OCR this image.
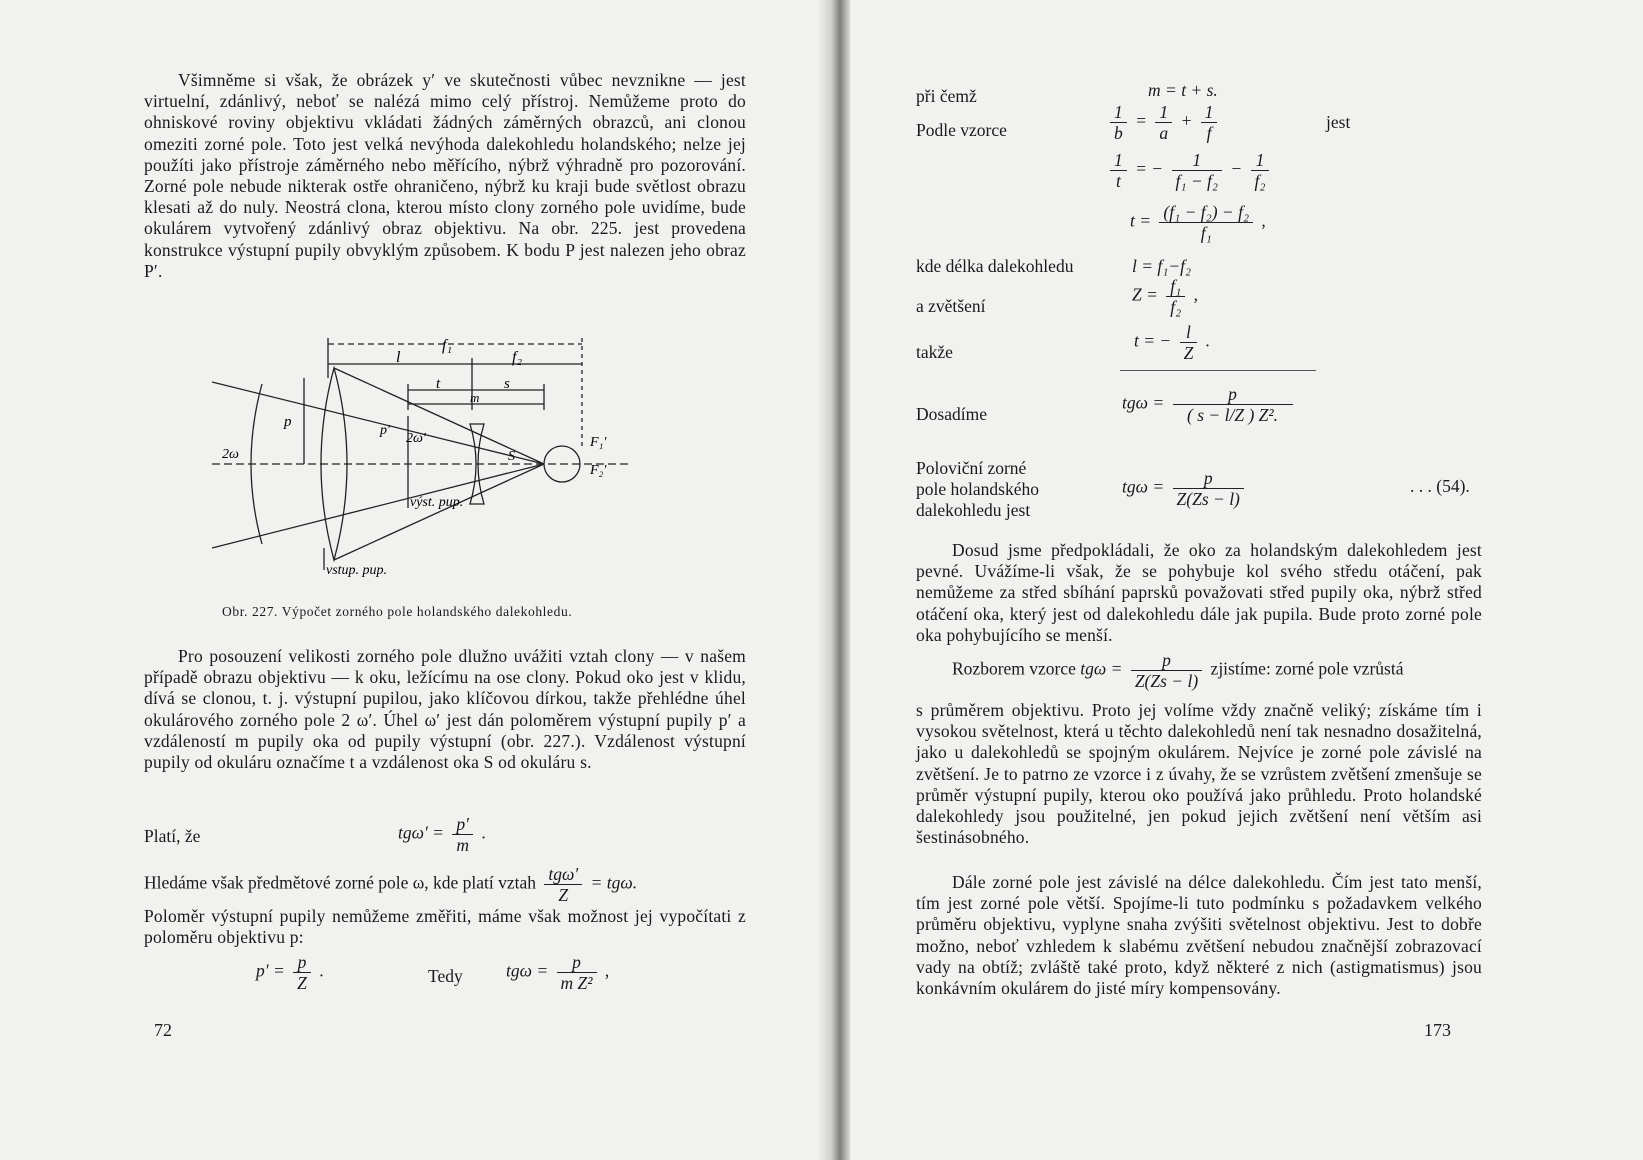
Všimněme si však, že obrázek y′ ve skutečnosti vůbec nevznikne — jest virtuelní, zdánlivý, neboť se nalézá mimo celý přístroj. Nemůžeme proto do ohniskové roviny objektivu vkládati žádných záměrných obrazců, ani clonou omeziti zorné pole. Toto jest velká nevýhoda dalekohledu holandského; nelze jej použíti jako přístroje záměrného nebo měřícího, nýbrž výhradně pro pozorování. Zorné pole nebude nikterak ostře ohraničeno, nýbrž ku kraji bude světlost obrazu klesati až do nuly. Neostrá clona, kterou místo clony zorného pole uvidíme, bude okulárem vytvořený zdánlivý obraz objektivu. Na obr. 225. jest provedena konstrukce výstupní pupily obvyklým způsobem. K bodu P jest nalezen jeho obraz P′.

f₁
l	f₂
t	s
m
p
p′
2ω
2ω′
S
F₁′
F₂′
výst. pup.
vstup. pup.
Obr. 227. Výpočet zorného pole holandského dalekohledu.

Pro posouzení velikosti zorného pole dlužno uvážiti vztah clony — v našem případě obrazu objektivu — k oku, ležícímu na ose clony. Pokud oko jest v klidu, dívá se clonou, t. j. výstupní pupilou, jako klíčovou dírkou, takže přehlédne úhel okulárového zorného pole 2 ω′. Úhel ω′ jest dán poloměrem výstupní pupily p′ a vzdáleností m pupily oka od pupily výstupní (obr. 227.). Vzdálenost výstupní pupily od okuláru označíme t a vzdálenost oka S od okuláru s.

Platí, že	$tg\omega' = \frac{p'}{m}$ .
Hledáme však předmětové zorné pole ω, kde platí vztah $\frac{\text{tgω′}}{Z} = tg\omega$.

Poloměr výstupní pupily nemůžeme změřiti, máme však možnost jej vypočítati z poloměru objektivu p:

$p' = \frac{p}{Z}$ .	Tedy $tg\omega = \frac{p}{\text{m Z²}}$ ,
72
při čemž	m = t + s.
Podle vzorce	$\frac{1}{b} = \frac{1}{a} + \frac{1}{f}$	jest
$\frac{1}{t}$ = − $\frac{1}{\text{f₁ − f₂}} - \frac{1}{\text{f₂}}$
$t = \frac{\text{(f₁ − f₂) − f₂}}{\text{f₁}}$ ,
kde délka dalekohledu	l = f₁−f₂
a zvětšení
$Z = \frac{\text{f₁}}{\text{f₂}}$ ,
takže
t = − $\frac{l}{Z}$ .
Dosadíme
$tg\omega = \frac{p}{\text{( s − l/Z ) Z².}}$
Poloviční zorné
pole holandského
dalekohledu jest
$tg\omega = \frac{p}{Z(Zs - l)}$	. . . (54).

Dosud jsme předpokládali, že oko za holandským dalekohledem jest pevné. Uvážíme-li však, že se pohybuje kol svého středu otáčení, pak nemůžeme za střed sbíhání paprsků považovati střed pupily oka, nýbrž střed otáčení oka, který jest od dalekohledu dále jak pupila. Bude proto zorné pole oka pohybujícího se menší.

Rozborem vzorce $tg\omega = \frac{p}{Z(Zs - l)}$ zjistíme: zorné pole vzrůstá

s průměrem objektivu. Proto jej volíme vždy značně veliký; získáme tím i vysokou světelnost, která u těchto dalekohledů není tak nesnadno dosažitelná, jako u dalekohledů se spojným okulárem. Nejvíce je zorné pole závislé na zvětšení. Je to patrno ze vzorce i z úvahy, že se vzrůstem zvětšení zmenšuje se průměr výstupní pupily, kterou oko používá jako průhledu. Proto holandské dalekohledy jsou použitelné, jen pokud jejich zvětšení není větším asi šestinásobného.

Dále zorné pole jest závislé na délce dalekohledu. Čím jest tato menší, tím jest zorné pole větší. Spojíme-li tuto podmínku s požadavkem velkého průměru objektivu, vyplyne snaha zvýšiti světelnost objektivu. Jest to dobře možno, neboť vzhledem k slabému zvětšení nebudou značnější zobrazovací vady na obtíž; zvláště také proto, když některé z nich (astigmatismus) jsou konkávním okulárem do jisté míry kompensovány.

173
